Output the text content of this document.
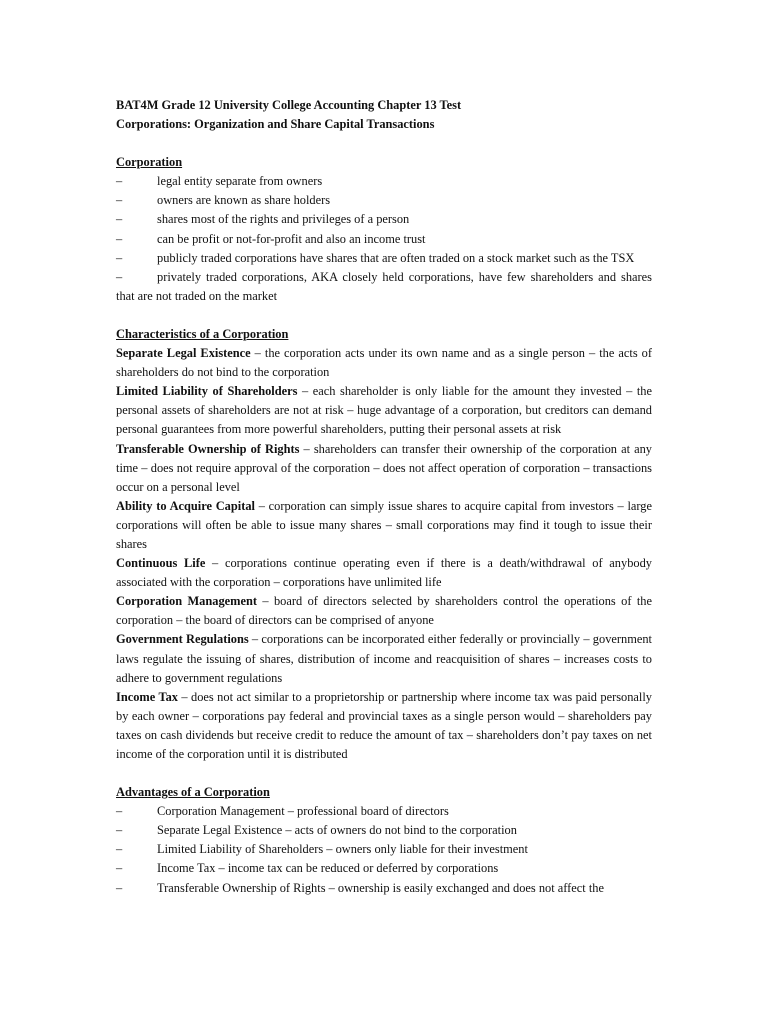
BAT4M Grade 12 University College Accounting Chapter 13 Test
Corporations: Organization and Share Capital Transactions
Corporation
–	legal entity separate from owners
–	owners are known as share holders
–	shares most of the rights and privileges of a person
–	can be profit or not-for-profit and also an income trust
–	publicly traded corporations have shares that are often traded on a stock market such as the TSX
–	privately traded corporations, AKA closely held corporations, have few shareholders and shares that are not traded on the market
Characteristics of a Corporation
Separate Legal Existence – the corporation acts under its own name and as a single person – the acts of shareholders do not bind to the corporation
Limited Liability of Shareholders – each shareholder is only liable for the amount they invested – the personal assets of shareholders are not at risk – huge advantage of a corporation, but creditors can demand personal guarantees from more powerful shareholders, putting their personal assets at risk
Transferable Ownership of Rights – shareholders can transfer their ownership of the corporation at any time – does not require approval of the corporation – does not affect operation of corporation – transactions occur on a personal level
Ability to Acquire Capital – corporation can simply issue shares to acquire capital from investors – large corporations will often be able to issue many shares – small corporations may find it tough to issue their shares
Continuous Life – corporations continue operating even if there is a death/withdrawal of anybody associated with the corporation – corporations have unlimited life
Corporation Management – board of directors selected by shareholders control the operations of the corporation – the board of directors can be comprised of anyone
Government Regulations – corporations can be incorporated either federally or provincially – government laws regulate the issuing of shares, distribution of income and reacquisition of shares – increases costs to adhere to government regulations
Income Tax – does not act similar to a proprietorship or partnership where income tax was paid personally by each owner – corporations pay federal and provincial taxes as a single person would – shareholders pay taxes on cash dividends but receive credit to reduce the amount of tax – shareholders don’t pay taxes on net income of the corporation until it is distributed
Advantages of a Corporation
–	Corporation Management – professional board of directors
–	Separate Legal Existence – acts of owners do not bind to the corporation
–	Limited Liability of Shareholders – owners only liable for their investment
–	Income Tax – income tax can be reduced or deferred by corporations
–	Transferable Ownership of Rights – ownership is easily exchanged and does not affect the
